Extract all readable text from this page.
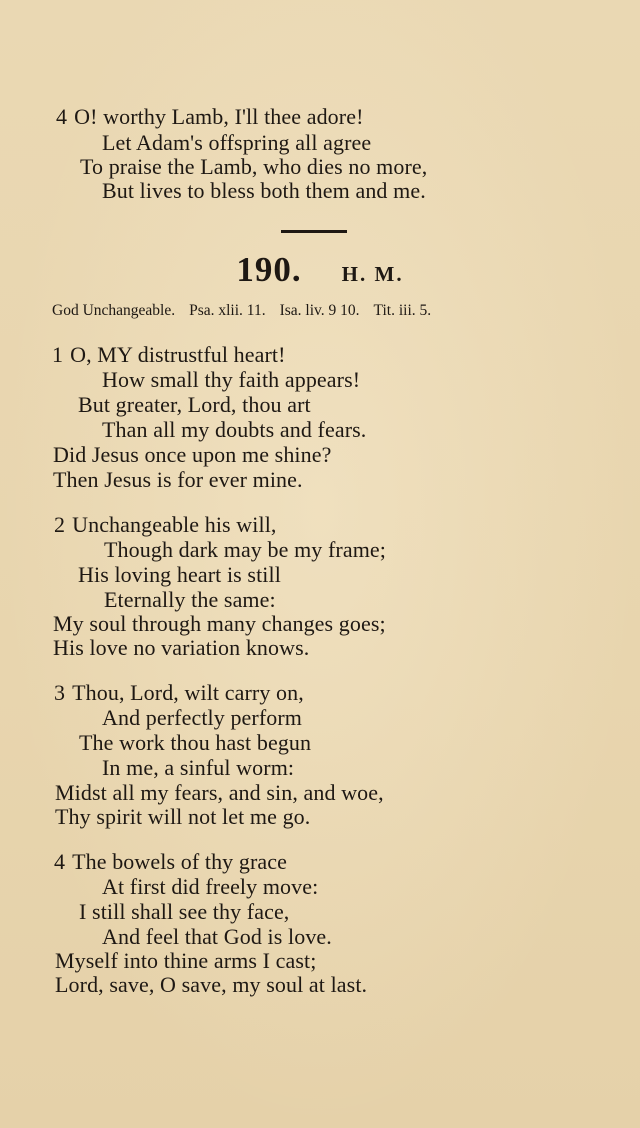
4 O! worthy Lamb, I'll thee adore!
Let Adam's offspring all agree
To praise the Lamb, who dies no more,
But lives to bless both them and me.
190. H. M.
God Unchangeable. Psa. xlii. 11. Isa. liv. 9 10. Tit. iii. 5.
1 O, MY distrustful heart!
How small thy faith appears!
But greater, Lord, thou art
Than all my doubts and fears.
Did Jesus once upon me shine?
Then Jesus is for ever mine.
2 Unchangeable his will,
Though dark may be my frame;
His loving heart is still
Eternally the same:
My soul through many changes goes;
His love no variation knows.
3 Thou, Lord, wilt carry on,
And perfectly perform
The work thou hast begun
In me, a sinful worm:
Midst all my fears, and sin, and woe,
Thy spirit will not let me go.
4 The bowels of thy grace
At first did freely move:
I still shall see thy face,
And feel that God is love.
Myself into thine arms I cast;
Lord, save, O save, my soul at last.
